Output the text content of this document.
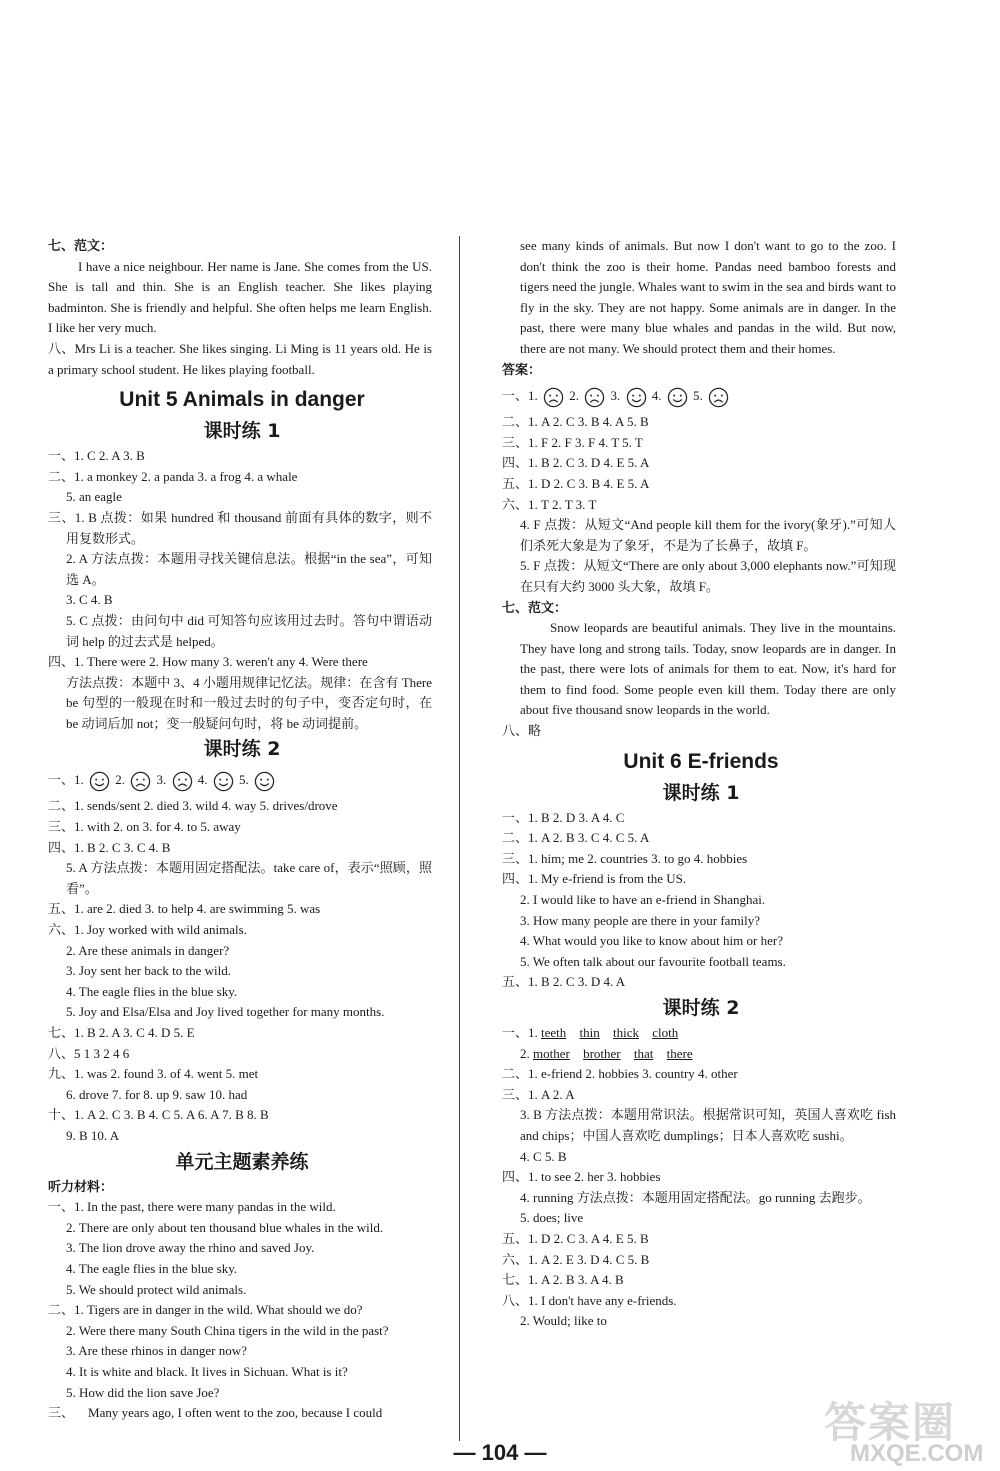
七、范文：
I have a nice neighbour. Her name is Jane. She comes from the US. She is tall and thin. She is an English teacher. She likes playing badminton. She is friendly and helpful. She often helps me learn English. I like her very much.
八、Mrs Li is a teacher. She likes singing. Li Ming is 11 years old. He is a primary school student. He likes playing football.
Unit 5 Animals in danger
课时练 1
一、1. C 2. A 3. B
二、1. a monkey 2. a panda 3. a frog 4. a whale
5. an eagle
三、1. B 点拨：如果 hundred 和 thousand 前面有具体的数字，则不用复数形式。
2. A 方法点拨：本题用寻找关键信息法。根据“in the sea”，可知选 A。
3. C 4. B
5. C 点拨：由问句中 did 可知答句应该用过去时。答句中谓语动词 help 的过去式是 helped。
四、1. There were 2. How many 3. weren't any 4. Were there
方法点拨：本题中 3、4 小题用规律记忆法。规律：在含有 There be 句型的一般现在时和一般过去时的句子中，变否定句时，在 be 动词后加 not；变一般疑问句时，将 be 动词提前。
课时练 2
一、1. 2. 3. 4. 5.
二、1. sends/sent 2. died 3. wild 4. way 5. drives/drove
三、1. with 2. on 3. for 4. to 5. away
四、1. B 2. C 3. C 4. B
5. A 方法点拨：本题用固定搭配法。take care of，表示“照顾，照看”。
五、1. are 2. died 3. to help 4. are swimming 5. was
六、1. Joy worked with wild animals.
2. Are these animals in danger?
3. Joy sent her back to the wild.
4. The eagle flies in the blue sky.
5. Joy and Elsa/Elsa and Joy lived together for many months.
七、1. B 2. A 3. C 4. D 5. E
八、5 1 3 2 4 6
九、1. was 2. found 3. of 4. went 5. met
6. drove 7. for 8. up 9. saw 10. had
十、1. A 2. C 3. B 4. C 5. A 6. A 7. B 8. B
9. B 10. A
单元主题素养练
听力材料：
一、1. In the past, there were many pandas in the wild.
2. There are only about ten thousand blue whales in the wild.
3. The lion drove away the rhino and saved Joy.
4. The eagle flies in the blue sky.
5. We should protect wild animals.
二、1. Tigers are in danger in the wild. What should we do?
2. Were there many South China tigers in the wild in the past?
3. Are these rhinos in danger now?
4. It is white and black. It lives in Sichuan. What is it?
5. How did the lion save Joe?
三、 Many years ago, I often went to the zoo, because I could
see many kinds of animals. But now I don't want to go to the zoo. I don't think the zoo is their home. Pandas need bamboo forests and tigers need the jungle. Whales want to swim in the sea and birds want to fly in the sky. They are not happy. Some animals are in danger. In the past, there were many blue whales and pandas in the wild. But now, there are not many. We should protect them and their homes.
答案：
一、1. 2. 3. 4. 5.
二、1. A 2. C 3. B 4. A 5. B
三、1. F 2. F 3. F 4. T 5. T
四、1. B 2. C 3. D 4. E 5. A
五、1. D 2. C 3. B 4. E 5. A
六、1. T 2. T 3. T
4. F 点拨：从短文“And people kill them for the ivory(象牙).”可知人们杀死大象是为了象牙，不是为了长鼻子，故填 F。
5. F 点拨：从短文“There are only about 3,000 elephants now.”可知现在只有大约 3000 头大象，故填 F。
七、范文：
Snow leopards are beautiful animals. They live in the mountains. They have long and strong tails. Today, snow leopards are in danger. In the past, there were lots of animals for them to eat. Now, it's hard for them to find food. Some people even kill them. Today there are only about five thousand snow leopards in the world.
八、略
Unit 6 E-friends
课时练 1
一、1. B 2. D 3. A 4. C
二、1. A 2. B 3. C 4. C 5. A
三、1. him; me 2. countries 3. to go 4. hobbies
四、1. My e-friend is from the US.
2. I would like to have an e-friend in Shanghai.
3. How many people are there in your family?
4. What would you like to know about him or her?
5. We often talk about our favourite football teams.
五、1. B 2. C 3. D 4. A
课时练 2
一、1. teeth thin thick cloth
2. mother brother that there
二、1. e-friend 2. hobbies 3. country 4. other
三、1. A 2. A
3. B 方法点拨：本题用常识法。根据常识可知，英国人喜欢吃 fish and chips；中国人喜欢吃 dumplings；日本人喜欢吃 sushi。
4. C 5. B
四、1. to see 2. her 3. hobbies
4. running 方法点拨：本题用固定搭配法。go running 去跑步。
5. does; live
五、1. D 2. C 3. A 4. E 5. B
六、1. A 2. E 3. D 4. C 5. B
七、1. A 2. B 3. A 4. B
八、1. I don't have any e-friends.
2. Would; like to
答案圈
MXQE.COM
— 104 —
